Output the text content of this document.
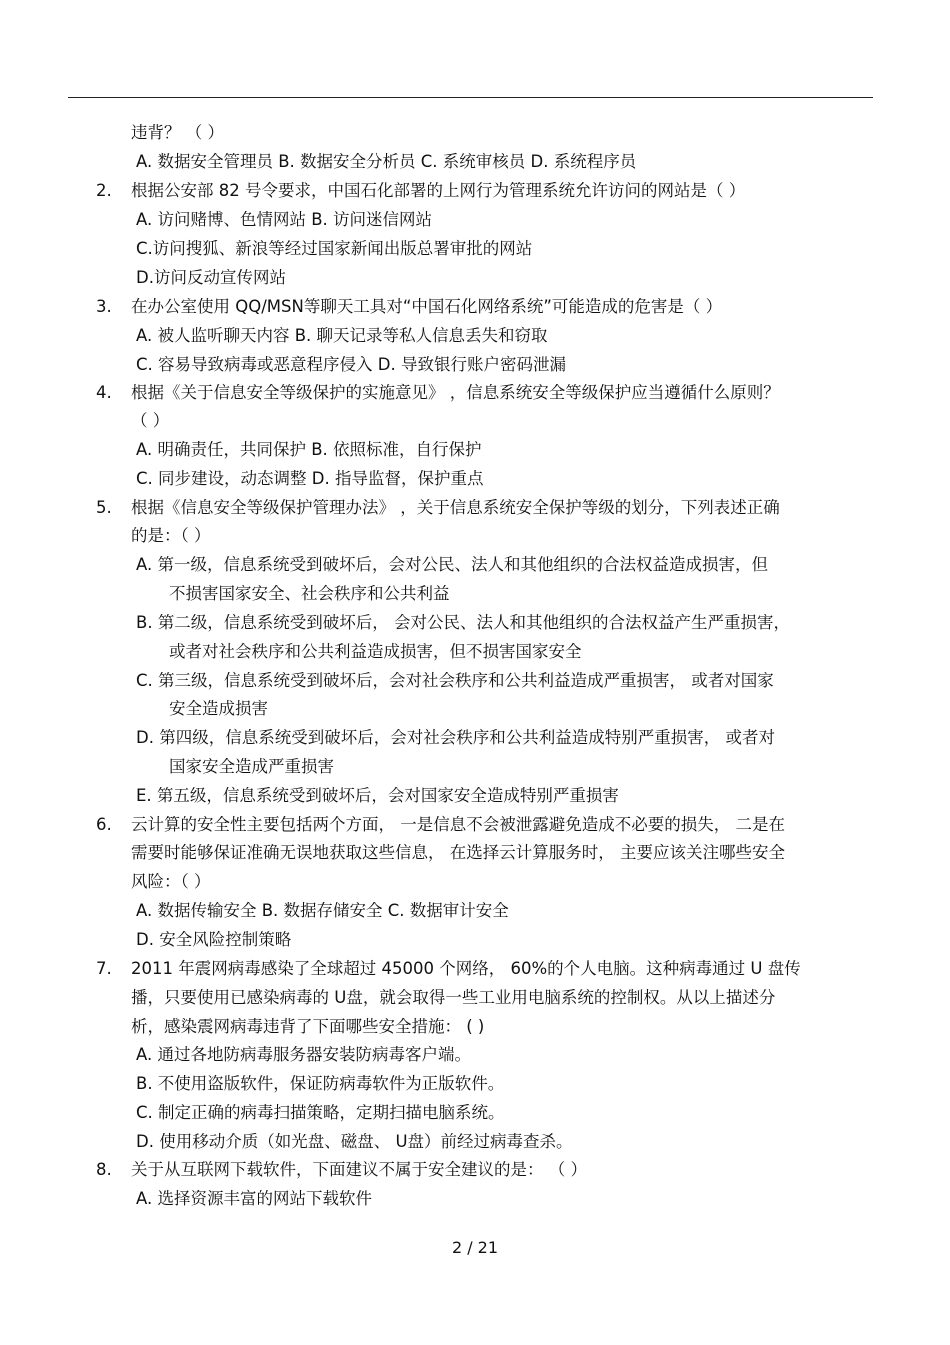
违背？ （ ）
A. 数据安全管理员 B. 数据安全分析员 C. 系统审核员 D. 系统程序员
2. 根据公安部 82 号令要求，中国石化部署的上网行为管理系统允许访问的网站是（ ）
A. 访问赌博、色情网站 B. 访问迷信网站
C.访问搜狐、新浪等经过国家新闻出版总署审批的网站
D.访问反动宣传网站
3. 在办公室使用 QQ/MSN等聊天工具对“中国石化网络系统”可能造成的危害是（ ）
A. 被人监听聊天内容 B. 聊天记录等私人信息丢失和窃取
C. 容易导致病毒或恶意程序侵入 D. 导致银行账户密码泄漏
4. 根据《关于信息安全等级保护的实施意见》 ，信息系统安全等级保护应当遵循什么原则？
（ ）
A. 明确责任，共同保护 B. 依照标准，自行保护
C. 同步建设，动态调整 D. 指导监督，保护重点
5. 根据《信息安全等级保护管理办法》 ，关于信息系统安全保护等级的划分，下列表述正确
的是：（ ）
A. 第一级，信息系统受到破坏后，会对公民、法人和其他组织的合法权益造成损害，但
不损害国家安全、社会秩序和公共利益
B. 第二级，信息系统受到破坏后， 会对公民、法人和其他组织的合法权益产生严重损害，
或者对社会秩序和公共利益造成损害，但不损害国家安全
C. 第三级，信息系统受到破坏后，会对社会秩序和公共利益造成严重损害， 或者对国家
安全造成损害
D. 第四级，信息系统受到破坏后，会对社会秩序和公共利益造成特别严重损害， 或者对
国家安全造成严重损害
E. 第五级，信息系统受到破坏后，会对国家安全造成特别严重损害
6. 云计算的安全性主要包括两个方面， 一是信息不会被泄露避免造成不必要的损失， 二是在
需要时能够保证准确无误地获取这些信息， 在选择云计算服务时， 主要应该关注哪些安全
风险：（ ）
A. 数据传输安全 B. 数据存储安全 C. 数据审计安全
D. 安全风险控制策略
7. 2011 年震网病毒感染了全球超过 45000 个网络， 60%的个人电脑。这种病毒通过 U 盘传
播，只要使用已感染病毒的 U盘，就会取得一些工业用电脑系统的控制权。从以上描述分
析，感染震网病毒违背了下面哪些安全措施： ( )
A. 通过各地防病毒服务器安装防病毒客户端。
B. 不使用盗版软件，保证防病毒软件为正版软件。
C. 制定正确的病毒扫描策略，定期扫描电脑系统。
D. 使用移动介质（如光盘、磁盘、 U盘）前经过病毒查杀。
8. 关于从互联网下载软件，下面建议不属于安全建议的是： （ ）
A. 选择资源丰富的网站下载软件
2 / 21
